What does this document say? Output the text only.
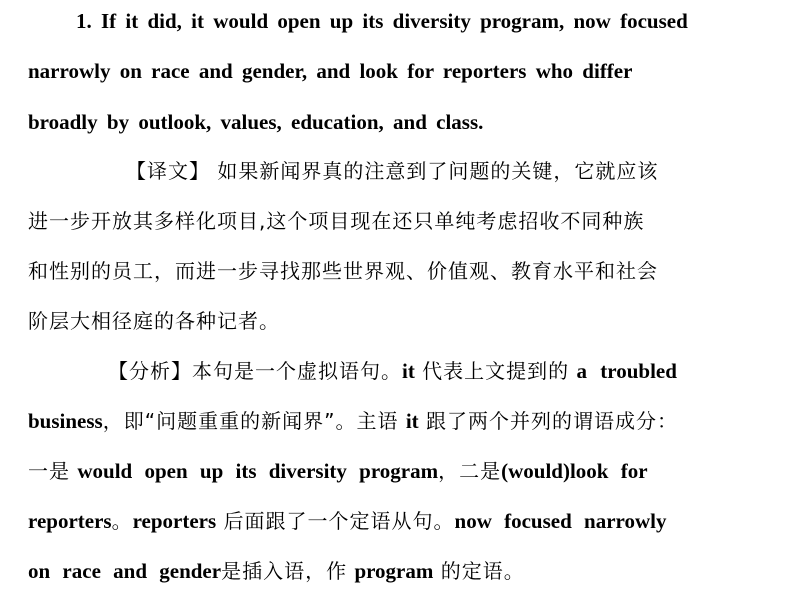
1. If it did, it would open up its diversity program, now focused
narrowly on race and gender, and look for reporters who differ
broadly by outlook, values, education, and class.
【译文】 如果新闻界真的注意到了问题的关键，它就应该
进一步开放其多样化项目,这个项目现在还只单纯考虑招收不同种族
和性别的员工，而进一步寻找那些世界观、价值观、教育水平和社会
阶层大相径庭的各种记者。
【分析】本句是一个虚拟语句。it 代表上文提到的 a troubled
business，即“问题重重的新闻界”。主语 it 跟了两个并列的谓语成分：
一是 would open up its diversity program，二是(would)look for
reporters。reporters 后面跟了一个定语从句。now focused narrowly
on race and gender是插入语，作 program 的定语。
